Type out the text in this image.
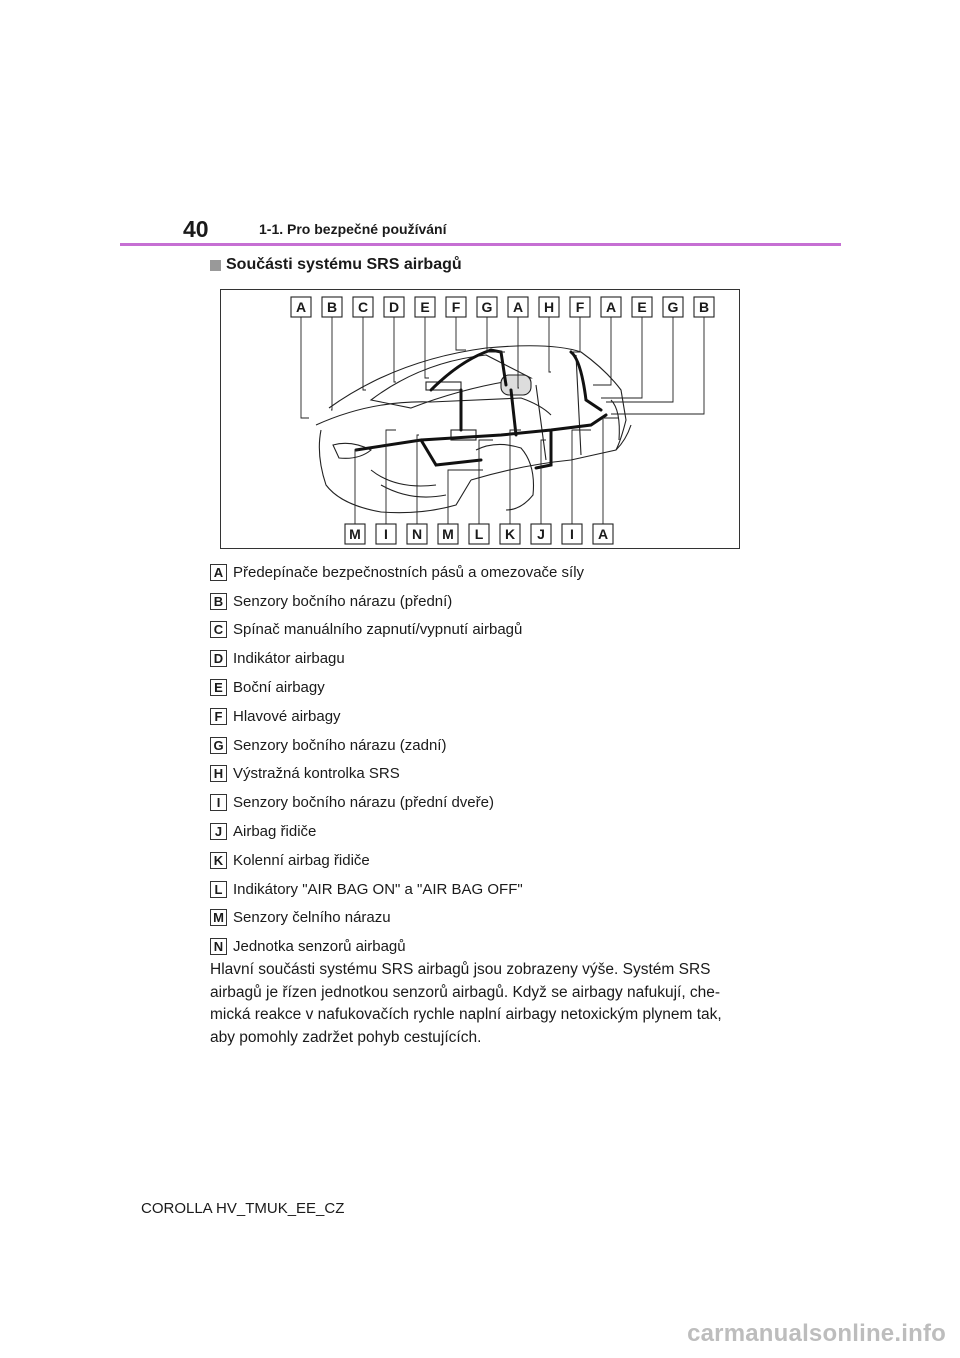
40	1-1. Pro bezpečné používání
Součásti systému SRS airbagů
A B C D E F G A H F A E G B
M I N M L K J I A
A Předepínače bezpečnostních pásů a omezovače síly
B Senzory bočního nárazu (přední)
C Spínač manuálního zapnutí/vypnutí airbagů
D Indikátor airbagu
E Boční airbagy
F Hlavové airbagy
G Senzory bočního nárazu (zadní)
H Výstražná kontrolka SRS
I Senzory bočního nárazu (přední dveře)
J Airbag řidiče
K Kolenní airbag řidiče
L Indikátory "AIR BAG ON" a "AIR BAG OFF"
M Senzory čelního nárazu
N Jednotka senzorů airbagů

Hlavní součásti systému SRS airbagů jsou zobrazeny výše. Systém SRS

airbagů je řízen jednotkou senzorů airbagů. Když se airbagy nafukují, che-

mická reakce v nafukovačích rychle naplní airbagy netoxickým plynem tak,

aby pomohly zadržet pohyb cestujících.

COROLLA HV_TMUK_EE_CZ
carmanualsonline.info
